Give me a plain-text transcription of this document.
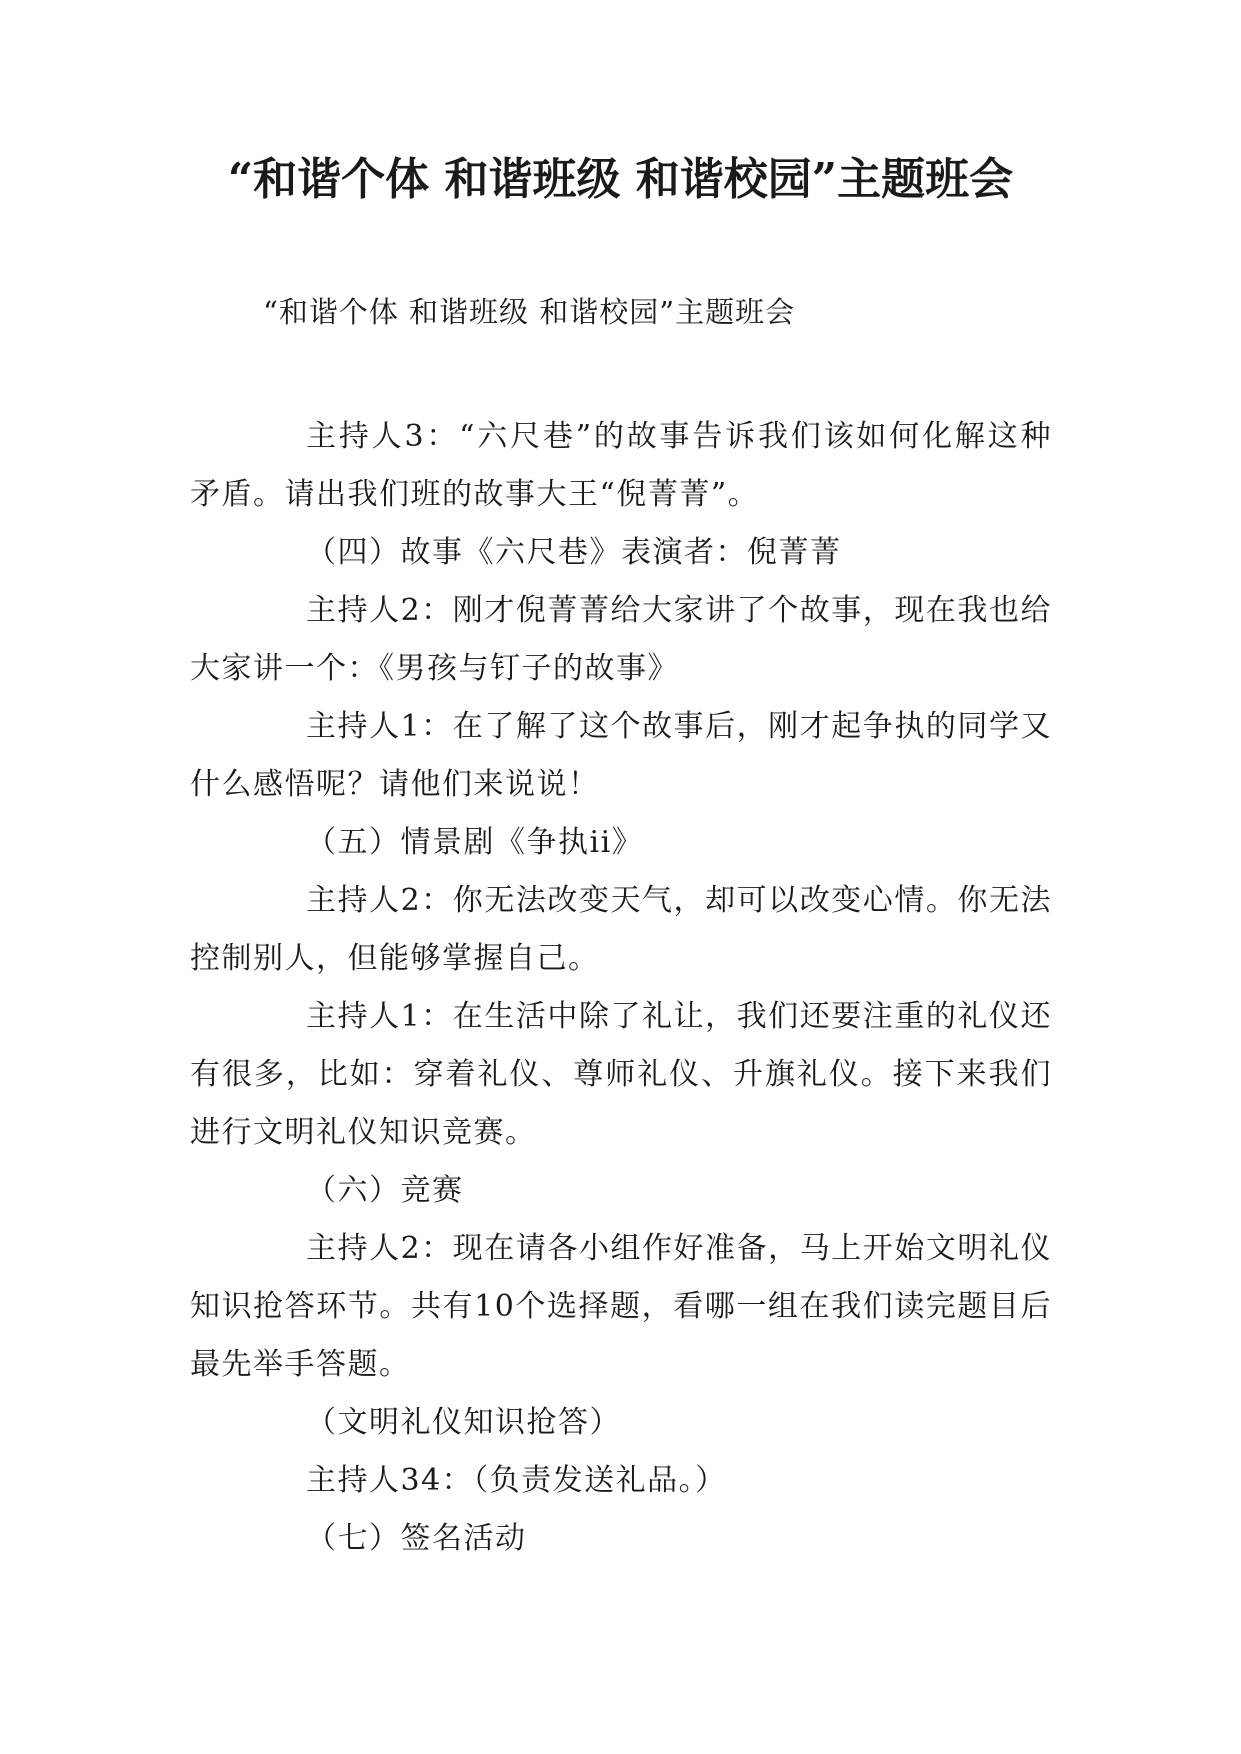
“和谐个体 和谐班级 和谐校园”主题班会

“和谐个体 和谐班级 和谐校园”主题班会

主持人3：“六尺巷”的故事告诉我们该如何化解这种矛盾。请出我们班的故事大王“倪菁菁”。

（四）故事《六尺巷》表演者：倪菁菁

主持人2：刚才倪菁菁给大家讲了个故事，现在我也给大家讲一个：《男孩与钉子的故事》

主持人1：在了解了这个故事后，刚才起争执的同学又什么感悟呢？请他们来说说！

（五）情景剧《争执ii》

主持人2：你无法改变天气，却可以改变心情。你无法控制别人，但能够掌握自己。

主持人1：在生活中除了礼让，我们还要注重的礼仪还有很多，比如：穿着礼仪、尊师礼仪、升旗礼仪。接下来我们进行文明礼仪知识竞赛。

（六）竞赛

主持人2：现在请各小组作好准备，马上开始文明礼仪知识抢答环节。共有10个选择题，看哪一组在我们读完题目后最先举手答题。

（文明礼仪知识抢答）

主持人34：（负责发送礼品。）

（七）签名活动
